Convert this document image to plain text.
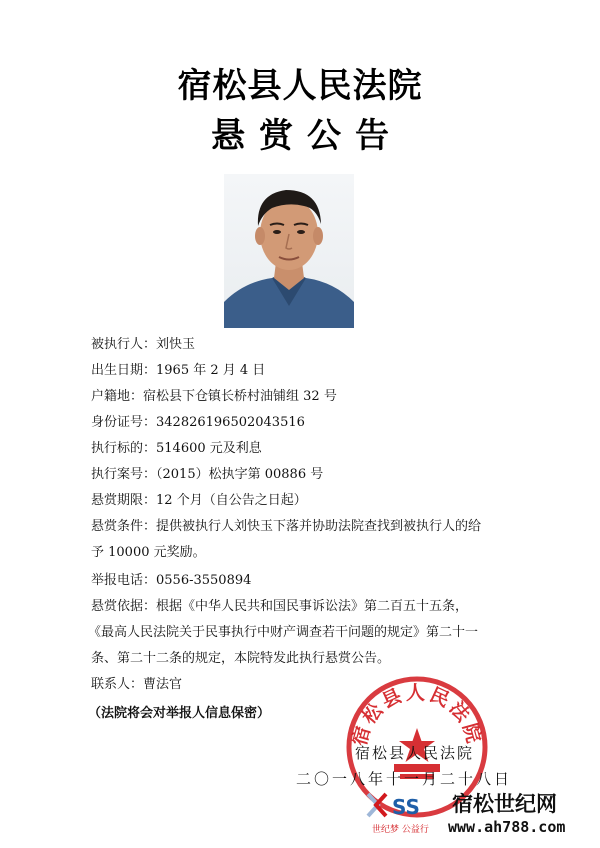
宿松县人民法院
悬赏公告
被执行人：刘快玉
出生日期：1965 年 2 月 4 日
户籍地：宿松县下仓镇长桥村油铺组 32 号
身份证号：342826196502043516
执行标的：514600 元及利息
执行案号：（2015）松执字第 00886 号
悬赏期限：12 个月（自公告之日起）
悬赏条件：提供被执行人刘快玉下落并协助法院查找到被执行人的给
予 10000 元奖励。
举报电话：0556-3550894
悬赏依据：根据《中华人民共和国民事诉讼法》第二百五十五条，
《最高人民法院关于民事执行中财产调查若干问题的规定》第二十一
条、第二十二条的规定，本院特发此执行悬赏公告。
联系人：曹法官
（法院将会对举报人信息保密）
宿松县人民法院
宿松县人民法院
二〇一八年十一月二十八日
SS
世纪梦 公益行
宿松世纪网
www.ah788.com
